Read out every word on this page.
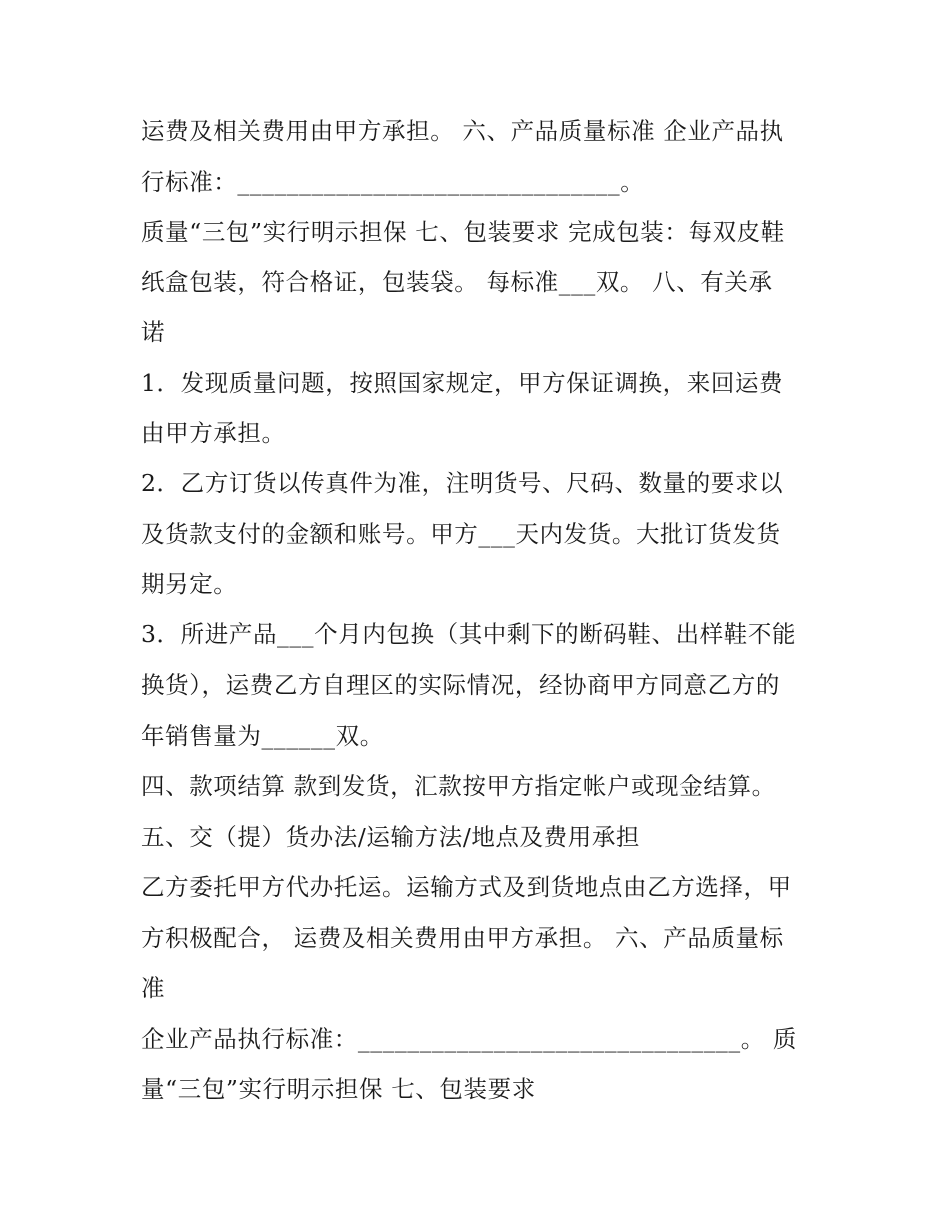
运费及相关费用由甲方承担。 六、产品质量标准 企业产品执
行标准：_______________________________。
质量“三包”实行明示担保 七、包装要求 完成包装：每双皮鞋
纸盒包装，符合格证，包装袋。 每标准___双。 八、有关承
诺
1．发现质量问题，按照国家规定，甲方保证调换，来回运费
由甲方承担。
2．乙方订货以传真件为准，注明货号、尺码、数量的要求以
及货款支付的金额和账号。甲方___天内发货。大批订货发货
期另定。
3．所进产品___个月内包换（其中剩下的断码鞋、出样鞋不能
换货），运费乙方自理区的实际情况，经协商甲方同意乙方的
年销售量为______双。
四、款项结算 款到发货，汇款按甲方指定帐户或现金结算。
五、交（提）货办法/运输方法/地点及费用承担
乙方委托甲方代办托运。运输方式及到货地点由乙方选择，甲
方积极配合， 运费及相关费用由甲方承担。 六、产品质量标
准
企业产品执行标准：_______________________________。 质
量“三包”实行明示担保 七、包装要求
